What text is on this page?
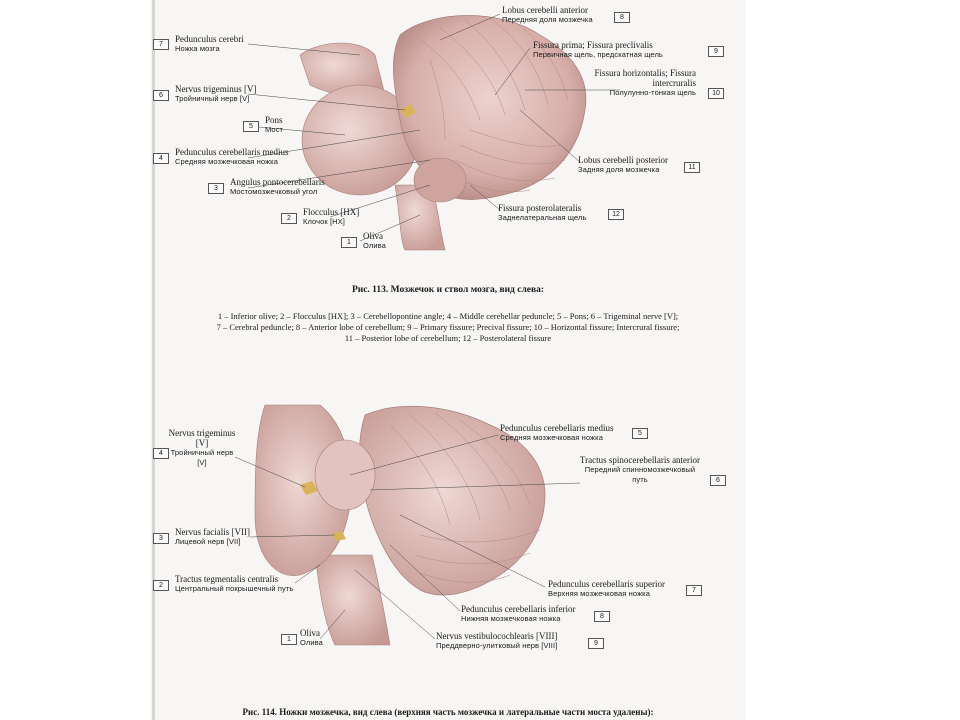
7
Pedunculus cerebri
Ножка мозга
6
Nervus trigeminus [V]
Тройничный нерв [V]
5
Pons
Мост
4
Pedunculus cerebellaris medius
Средняя мозжечковая ножка
3
Angulus pontocerebellaris
Мостомозжечковый угол
2
Flocculus [HX]
Клочок [HX]
1
Oliva
Олива
Lobus cerebelli anterior
Передняя доля мозжечка	8
Fissura prima; Fissura preclivalis
Первичная щель, предскатная щель	9
Fissura horizontalis; Fissura intercruralis
Полулунно-тонкая щель	10
Lobus cerebelli posterior
Задняя доля мозжечка	11
Fissura posterolateralis
Заднелатеральная щель	12
Рис. 113. Мозжечок и ствол мозга, вид слева:
1 – Inferior olive; 2 – Flocculus [HX]; 3 – Cerebellopontine angle; 4 – Middle cerebellar peduncle; 5 – Pons; 6 – Trigeminal nerve [V];
7 – Cerebral peduncle; 8 – Anterior lobe of cerebellum; 9 – Primary fissure; Precival fissure; 10 – Horizontal fissure; Intercrural fissure;
11 – Posterior lobe of cerebellum; 12 – Posterolateral fissure
4
Nervus trigeminus [V]
Тройничный нерв [V]
3
Nervus facialis [VII]
Лицевой нерв [VII]
2
Tractus tegmentalis centralis
Центральный покрышечный путь
1
Oliva
Олива
Pedunculus cerebellaris medius
Средняя мозжечковая ножка	5
Tractus spinocerebellaris anterior
Передний спинномозжечковый путь	6
Pedunculus cerebellaris superior
Верхняя мозжечковая ножка	7
Pedunculus cerebellaris inferior
Нижняя мозжечковая ножка	8
Nervus vestibulocochlearis [VIII]
Преддверно-улитковый нерв [VIII]	9
Рис. 114. Ножки мозжечка, вид слева (верхняя часть мозжечка и латеральные части моста удалены):
